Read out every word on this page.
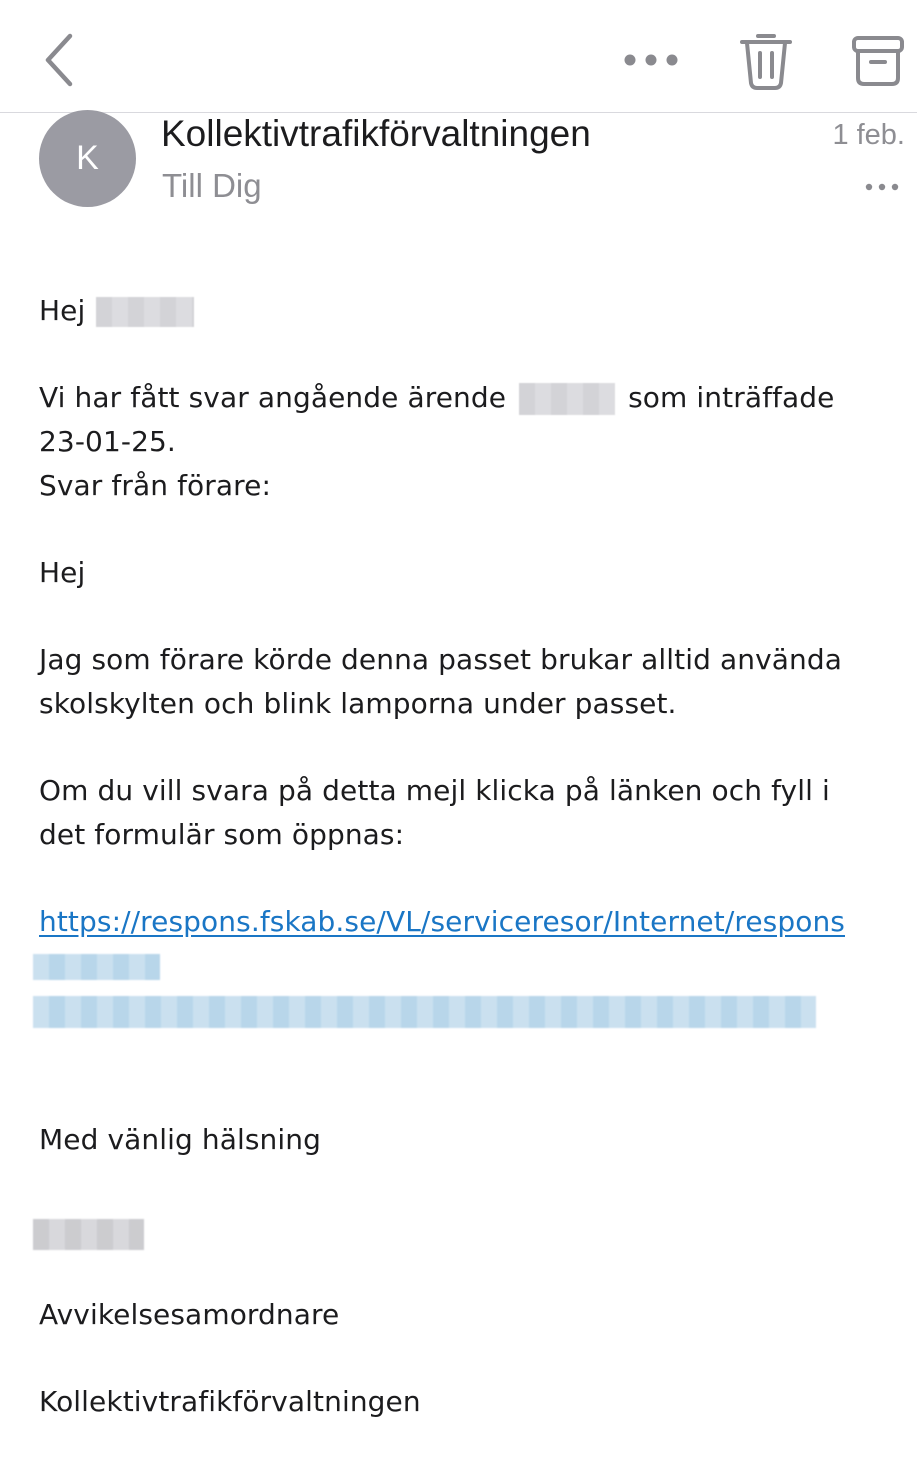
K
Kollektivtrafikförvaltningen
Till Dig
1 feb.
Hej
Vi har fått svar angående ärende	som inträffade
23-01-25.
Svar från förare:
Hej
Jag som förare körde denna passet brukar alltid använda
skolskylten och blink lamporna under passet.
Om du vill svara på detta mejl klicka på länken och fyll i
det formulär som öppnas:
https://respons.fskab.se/VL/serviceresor/Internet/respons
Med vänlig hälsning
Avvikelsesamordnare
Kollektivtrafikförvaltningen
